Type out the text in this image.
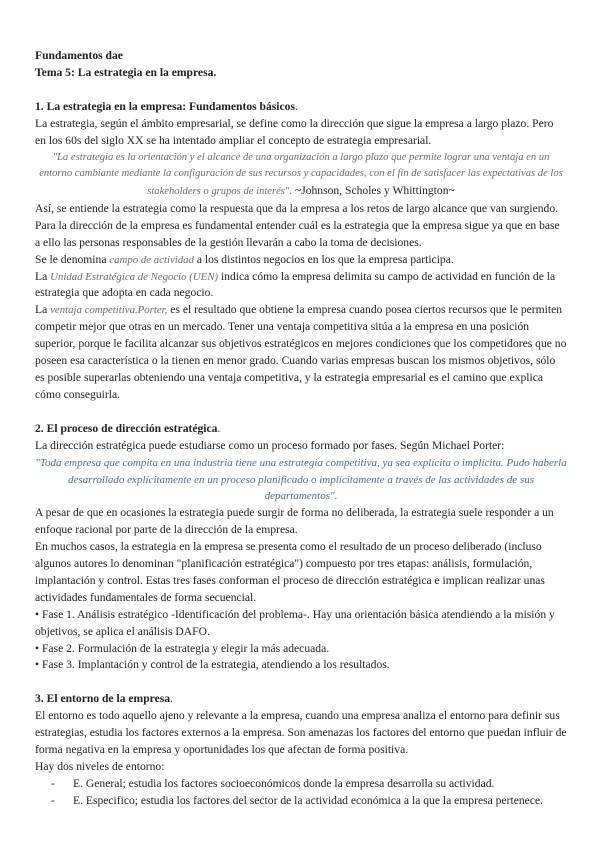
Fundamentos dae
Tema 5: La estrategia en la empresa.

1. La estrategia en la empresa: Fundamentos básicos.

La estrategia, según el ámbito empresarial, se define como la dirección que sigue la empresa a largo plazo. Pero en los 60s del siglo XX se ha intentado ampliar el concepto de estrategia empresarial.

"La estrategia es la orientación y el alcance de una organización a largo plazo que permite lograr una ventaja en un entorno cambiante mediante la configuración de sus recursos y capacidades, con el fin de satisfacer las expectativas de los stakeholders o grupos de interés". ~Johnson, Scholes y Whittington~

Así, se entiende la estrategia como la respuesta que da la empresa a los retos de largo alcance que van surgiendo. Para la dirección de la empresa es fundamental entender cuál es la estrategia que la empresa sigue ya que en base a ello las personas responsables de la gestión llevarán a cabo la toma de decisiones.

Se le denomina campo de actividad a los distintos negocios en los que la empresa participa.

La Unidad Estratégica de Negocio (UEN) indica cómo la empresa delimita su campo de actividad en función de la estrategia que adopta en cada negocio.

La ventaja competitiva.Porter, es el resultado que obtiene la empresa cuando posea ciertos recursos que le permiten competir mejor que otras en un mercado. Tener una ventaja competitiva sitúa a la empresa en una posición superior, porque le facilita alcanzar sus objetivos estratégicos en mejores condiciones que los competidores que no poseen esa característica o la tienen en menor grado. Cuando varias empresas buscan los mismos objetivos, sólo es posible superarlas obteniendo una ventaja competitiva, y la estrategia empresarial es el camino que explica cómo conseguirla.

2. El proceso de dirección estratégica.

La dirección estratégica puede estudiarse como un proceso formado por fases. Según Michael Porter:

"Toda empresa que compita en una industria tiene una estrategia competitiva, ya sea explícita o implícita. Pudo haberla desarrollado explícitamente en un proceso planificado o implícitamente a través de las actividades de sus departamentos".

A pesar de que en ocasiones la estrategia puede surgir de forma no deliberada, la estrategia suele responder a un enfoque racional por parte de la dirección de la empresa.

En muchos casos, la estrategia en la empresa se presenta como el resultado de un proceso deliberado (incluso algunos autores lo denominan "planificación estratégica") compuesto por tres etapas: análisis, formulación, implantación y control. Estas tres fases conforman el proceso de dirección estratégica e implican realizar unas actividades fundamentales de forma secuencial.

• Fase 1. Análisis estratégico -Identificación del problema-. Hay una orientación básica atendiendo a la misión y objetivos, se aplica el análisis DAFO.

• Fase 2. Formulación de la estrategia y elegir la más adecuada.

• Fase 3. Implantación y control de la estrategia, atendiendo a los resultados.

3. El entorno de la empresa.

El entorno es todo aquello ajeno y relevante a la empresa, cuando una empresa analiza el entorno para definir sus estrategias, estudia los factores externos a la empresa. Son amenazas los factores del entorno que puedan influir de forma negativa en la empresa y oportunidades los que afectan de forma positiva.

Hay dos niveles de entorno:

- E. General; estudia los factores socioeconómicos donde la empresa desarrolla su actividad.
- E. Especifico; estudia los factores del sector de la actividad económica a la que la empresa pertenece.
